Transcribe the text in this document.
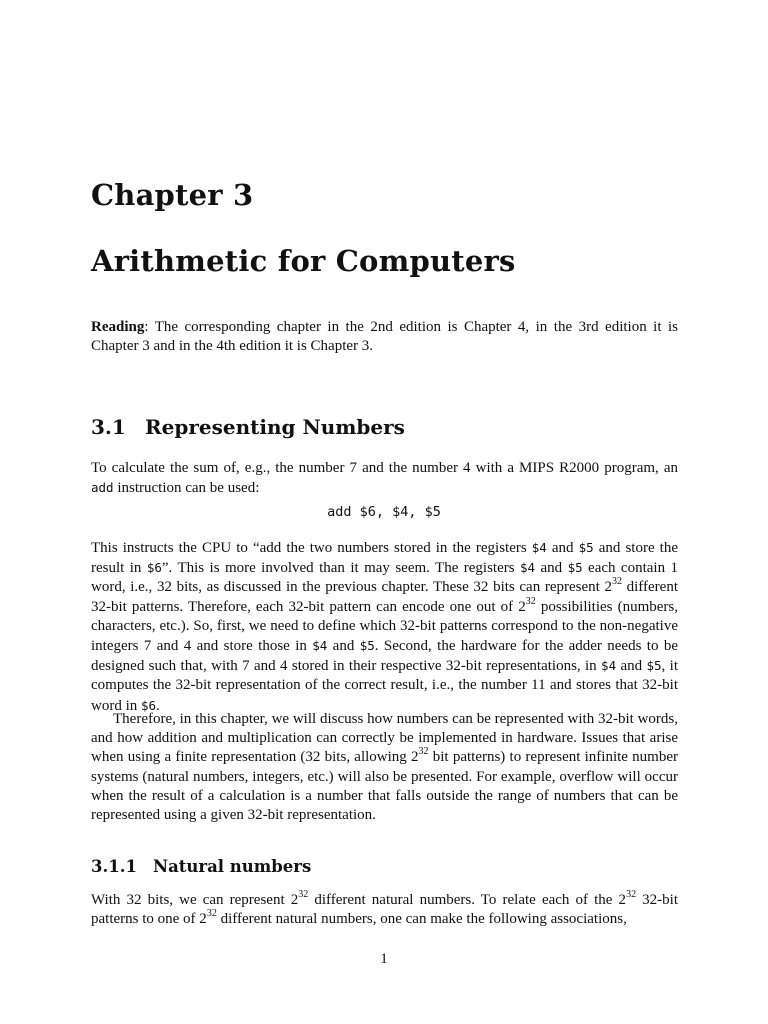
Chapter 3
Arithmetic for Computers

Reading: The corresponding chapter in the 2nd edition is Chapter 4, in the 3rd edition it is Chapter 3 and in the 4th edition it is Chapter 3.

3.1 Representing Numbers

To calculate the sum of, e.g., the number 7 and the number 4 with a MIPS R2000 program, an add instruction can be used:

add $6, $4, $5

This instructs the CPU to “add the two numbers stored in the registers $4 and $5 and store the result in $6”. This is more involved than it may seem. The registers $4 and $5 each contain 1 word, i.e., 32 bits, as discussed in the previous chapter. These 32 bits can represent $2^{32}$ different 32-bit patterns. Therefore, each 32-bit pattern can encode one out of $2^{32}$ possibilities (numbers, characters, etc.). So, first, we need to define which 32-bit patterns correspond to the non-negative integers 7 and 4 and store those in $4 and $5. Second, the hardware for the adder needs to be designed such that, with 7 and 4 stored in their respective 32-bit representations, in $4 and $5, it computes the 32-bit representation of the correct result, i.e., the number 11 and stores that 32-bit word in $6.

Therefore, in this chapter, we will discuss how numbers can be represented with 32-bit words, and how addition and multiplication can correctly be implemented in hardware. Issues that arise when using a finite representation (32 bits, allowing $2^{32}$ bit patterns) to represent infinite number systems (natural numbers, integers, etc.) will also be presented. For example, overflow will occur when the result of a calculation is a number that falls outside the range of numbers that can be represented using a given 32-bit representation.

3.1.1 Natural numbers

With 32 bits, we can represent $2^{32}$ different natural numbers. To relate each of the $2^{32}$ 32-bit patterns to one of $2^{32}$ different natural numbers, one can make the following associations,

1
